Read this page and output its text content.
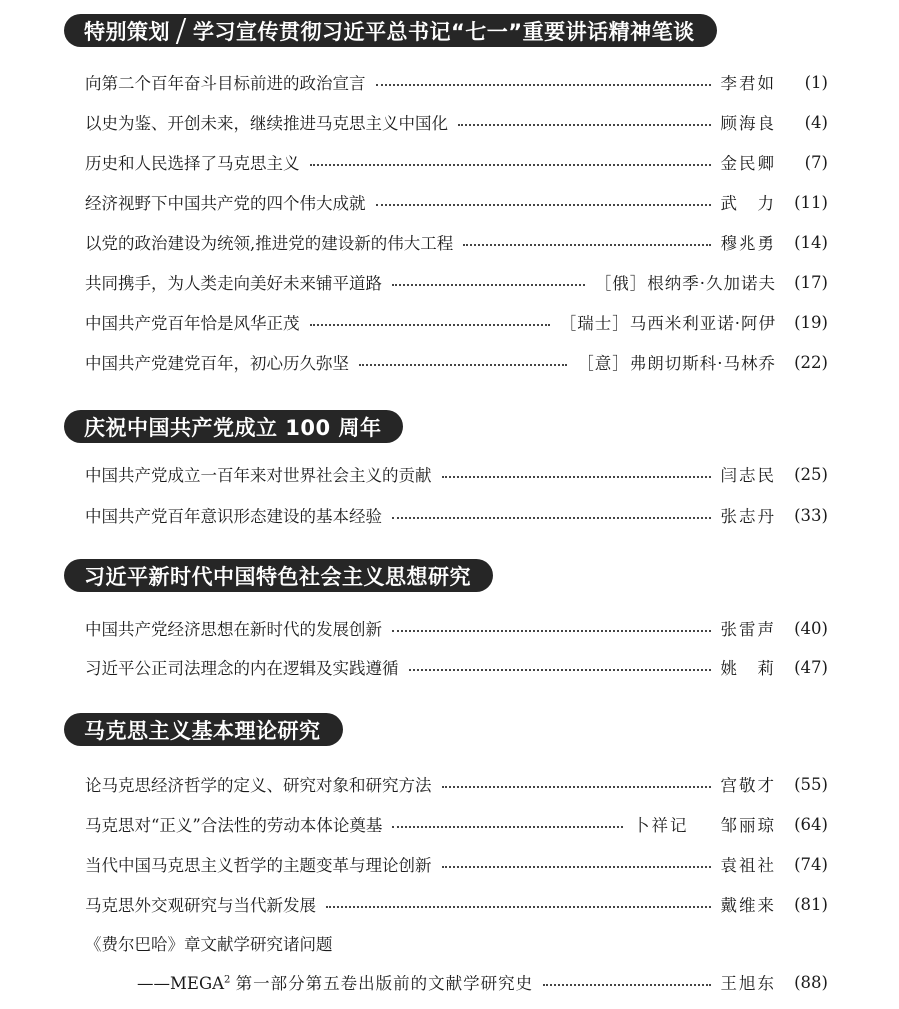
特别策划 学习宣传贯彻习近平总书记“七一”重要讲话精神笔谈
向第二个百年奋斗目标前进的政治宣言	李君如	(1)
以史为鉴、开创未来，继续推进马克思主义中国化	顾海良	(4)
历史和人民选择了马克思主义	金民卿	(7)
经济视野下中国共产党的四个伟大成就	武　力	(11)
以党的政治建设为统领,推进党的建设新的伟大工程	穆兆勇	(14)
共同携手，为人类走向美好未来铺平道路	［俄］根纳季·久加诺夫	(17)
中国共产党百年恰是风华正茂	［瑞士］马西米利亚诺·阿伊	(19)
中国共产党建党百年，初心历久弥坚	［意］弗朗切斯科·马林乔	(22)
庆祝中国共产党成立 100 周年
中国共产党成立一百年来对世界社会主义的贡献	闫志民	(25)
中国共产党百年意识形态建设的基本经验	张志丹	(33)
习近平新时代中国特色社会主义思想研究
中国共产党经济思想在新时代的发展创新	张雷声	(40)
习近平公正司法理念的内在逻辑及实践遵循	姚　莉	(47)
马克思主义基本理论研究
论马克思经济哲学的定义、研究对象和研究方法	宫敬才	(55)
马克思对“正义”合法性的劳动本体论奠基	卜祥记 邹丽琼	(64)
当代中国马克思主义哲学的主题变革与理论创新	袁祖社	(74)
马克思外交观研究与当代新发展	戴维来	(81)
《费尔巴哈》章文献学研究诸问题
——MEGA$^2$ 第一部分第五卷出版前的文献学研究史	王旭东	(88)
